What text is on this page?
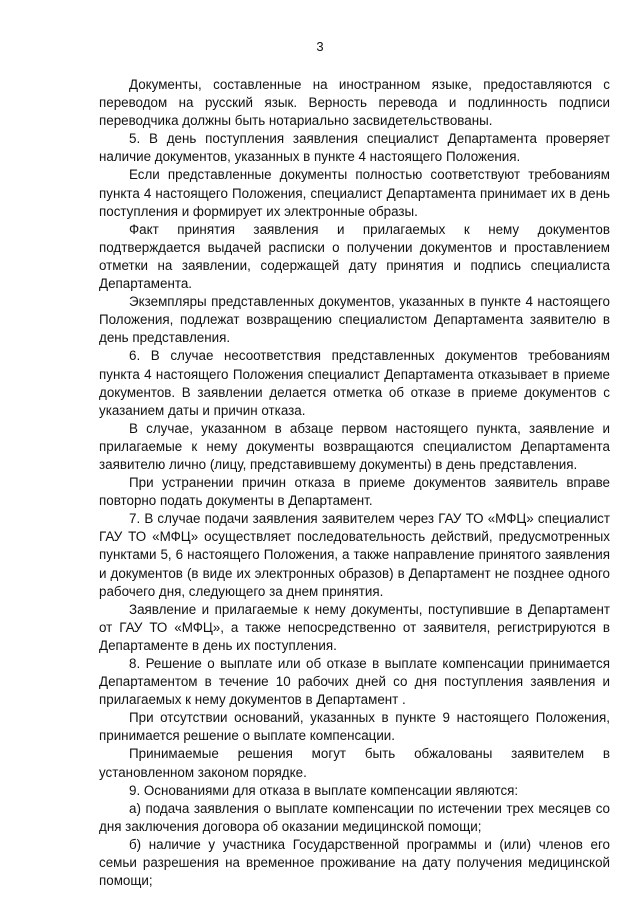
3

Документы, составленные на иностранном языке, предоставляются с переводом на русский язык. Верность перевода и подлинность подписи переводчика должны быть нотариально засвидетельствованы.

5. В день поступления заявления специалист Департамента проверяет наличие документов, указанных в пункте 4 настоящего Положения.

Если представленные документы полностью соответствуют требованиям пункта 4 настоящего Положения, специалист Департамента принимает их в день поступления и формирует их электронные образы.

Факт принятия заявления и прилагаемых к нему документов подтверждается выдачей расписки о получении документов и проставлением отметки на заявлении, содержащей дату принятия и подпись специалиста Департамента.

Экземпляры представленных документов, указанных в пункте 4 настоящего Положения, подлежат возвращению специалистом Департамента заявителю в день представления.

6. В случае несоответствия представленных документов требованиям пункта 4 настоящего Положения специалист Департамента отказывает в приеме документов. В заявлении делается отметка об отказе в приеме документов с указанием даты и причин отказа.

В случае, указанном в абзаце первом настоящего пункта, заявление и прилагаемые к нему документы возвращаются специалистом Департамента заявителю лично (лицу, представившему документы) в день представления.

При устранении причин отказа в приеме документов заявитель вправе повторно подать документы в Департамент.

7. В случае подачи заявления заявителем через ГАУ ТО «МФЦ» специалист ГАУ ТО «МФЦ» осуществляет последовательность действий, предусмотренных пунктами 5, 6 настоящего Положения, а также направление принятого заявления и документов (в виде их электронных образов) в Департамент не позднее одного рабочего дня, следующего за днем принятия.

Заявление и прилагаемые к нему документы, поступившие в Департамент от ГАУ ТО «МФЦ», а также непосредственно от заявителя, регистрируются в Департаменте в день их поступления.

8. Решение о выплате или об отказе в выплате компенсации принимается Департаментом в течение 10 рабочих дней со дня поступления заявления и прилагаемых к нему документов в Департамент .

При отсутствии оснований, указанных в пункте 9 настоящего Положения, принимается решение о выплате компенсации.

Принимаемые решения могут быть обжалованы заявителем в установленном законом порядке.

9. Основаниями для отказа в выплате компенсации являются:

а) подача заявления о выплате компенсации по истечении трех месяцев со дня заключения договора об оказании медицинской помощи;

б) наличие у участника Государственной программы и (или) членов его семьи разрешения на временное проживание на дату получения медицинской помощи;
